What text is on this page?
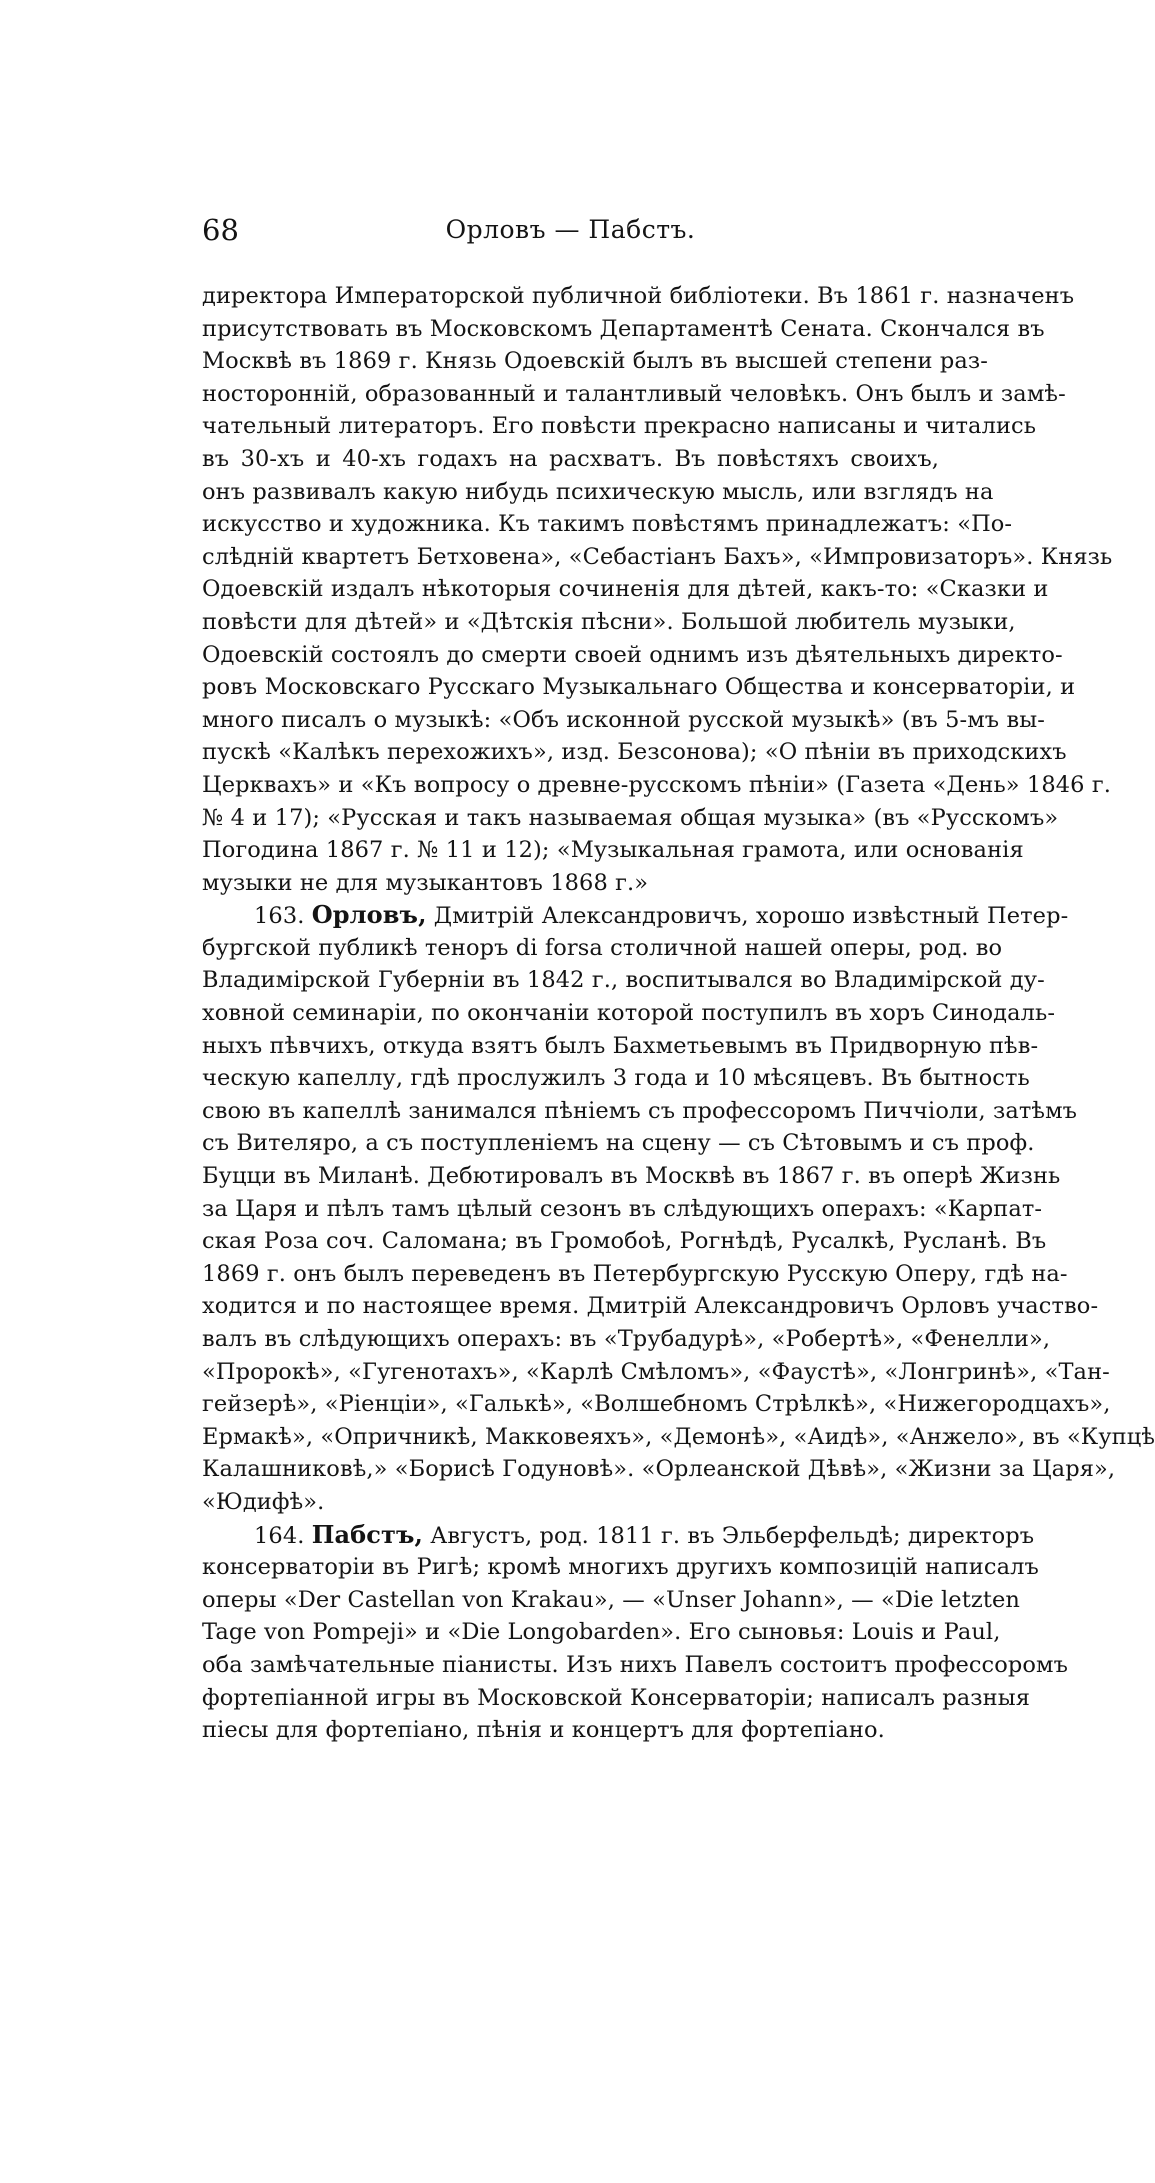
68	Орловъ — Пабстъ.
директора Императорской публичной библіотеки. Въ 1861 г. назначенъ
присутствовать въ Московскомъ Департаментѣ Сената. Скончался въ
Москвѣ въ 1869 г. Князь Одоевскій былъ въ высшей степени раз-
носторонній, образованный и талантливый человѣкъ. Онъ былъ и замѣ-
чательный литераторъ. Его повѣсти прекрасно написаны и читались
въ 30-хъ и 40-хъ годахъ на расхватъ. Въ повѣстяхъ своихъ,
онъ развивалъ какую нибудь психическую мысль, или взглядъ на
искусство и художника. Къ такимъ повѣстямъ принадлежатъ: «По-
слѣдній квартетъ Бетховена», «Себастіанъ Бахъ», «Импровизаторъ». Князь
Одоевскій издалъ нѣкоторыя сочиненія для дѣтей, какъ-то: «Сказки и
повѣсти для дѣтей» и «Дѣтскія пѣсни». Большой любитель музыки,
Одоевскій состоялъ до смерти своей однимъ изъ дѣятельныхъ директо-
ровъ Московскаго Русскаго Музыкальнаго Общества и консерваторіи, и
много писалъ о музыкѣ: «Объ исконной русской музыкѣ» (въ 5-мъ вы-
пускѣ «Калѣкъ перехожихъ», изд. Безсонова); «О пѣніи въ приходскихъ
Церквахъ» и «Къ вопросу о древне-русскомъ пѣніи» (Газета «День» 1846 г.
№ 4 и 17); «Русская и такъ называемая общая музыка» (въ «Русскомъ»
Погодина 1867 г. № 11 и 12); «Музыкальная грамота, или основанія
музыки не для музыкантовъ 1868 г.»
163. Орловъ, Дмитрій Александровичъ, хорошо извѣстный Петер-
бургской публикѣ теноръ di forsa столичной нашей оперы, род. во
Владимірской Губерніи въ 1842 г., воспитывался во Владимірской ду-
ховной семинаріи, по окончаніи которой поступилъ въ хоръ Синодаль-
ныхъ пѣвчихъ, откуда взятъ былъ Бахметьевымъ въ Придворную пѣв-
ческую капеллу, гдѣ прослужилъ 3 года и 10 мѣсяцевъ. Въ бытность
свою въ капеллѣ занимался пѣніемъ съ профессоромъ Пиччіоли, затѣмъ
съ Вителяро, а съ поступленіемъ на сцену — съ Сѣтовымъ и съ проф.
Буцци въ Миланѣ. Дебютировалъ въ Москвѣ въ 1867 г. въ оперѣ Жизнь
за Царя и пѣлъ тамъ цѣлый сезонъ въ слѣдующихъ операхъ: «Карпат-
ская Роза соч. Саломана; въ Громобоѣ, Рогнѣдѣ, Русалкѣ, Русланѣ. Въ
1869 г. онъ былъ переведенъ въ Петербургскую Русскую Оперу, гдѣ на-
ходится и по настоящее время. Дмитрій Александровичъ Орловъ участво-
валъ въ слѣдующихъ операхъ: въ «Трубадурѣ», «Робертѣ», «Фенелли»,
«Пророкѣ», «Гугенотахъ», «Карлѣ Смѣломъ», «Фаустѣ», «Лонгринѣ», «Тан-
гейзерѣ», «Ріенціи», «Галькѣ», «Волшебномъ Стрѣлкѣ», «Нижегородцахъ»,
Ермакѣ», «Опричникѣ, Макковеяхъ», «Демонѣ», «Аидѣ», «Анжело», въ «Купцѣ
Калашниковѣ,» «Борисѣ Годуновѣ». «Орлеанской Дѣвѣ», «Жизни за Царя»,
«Юдифѣ».
164. Пабстъ, Августъ, род. 1811 г. въ Эльберфельдѣ; директоръ
консерваторіи въ Ригѣ; кромѣ многихъ другихъ композицій написалъ
оперы «Der Castellan von Krakau», — «Unser Johann», — «Die letzten
Tage von Pompeji» и «Die Longobarden». Его сыновья: Louis и Paul,
оба замѣчательные піанисты. Изъ нихъ Павелъ состоитъ профессоромъ
фортепіанной игры въ Московской Консерваторіи; написалъ разныя
піесы для фортепіано, пѣнія и концертъ для фортепіано.
